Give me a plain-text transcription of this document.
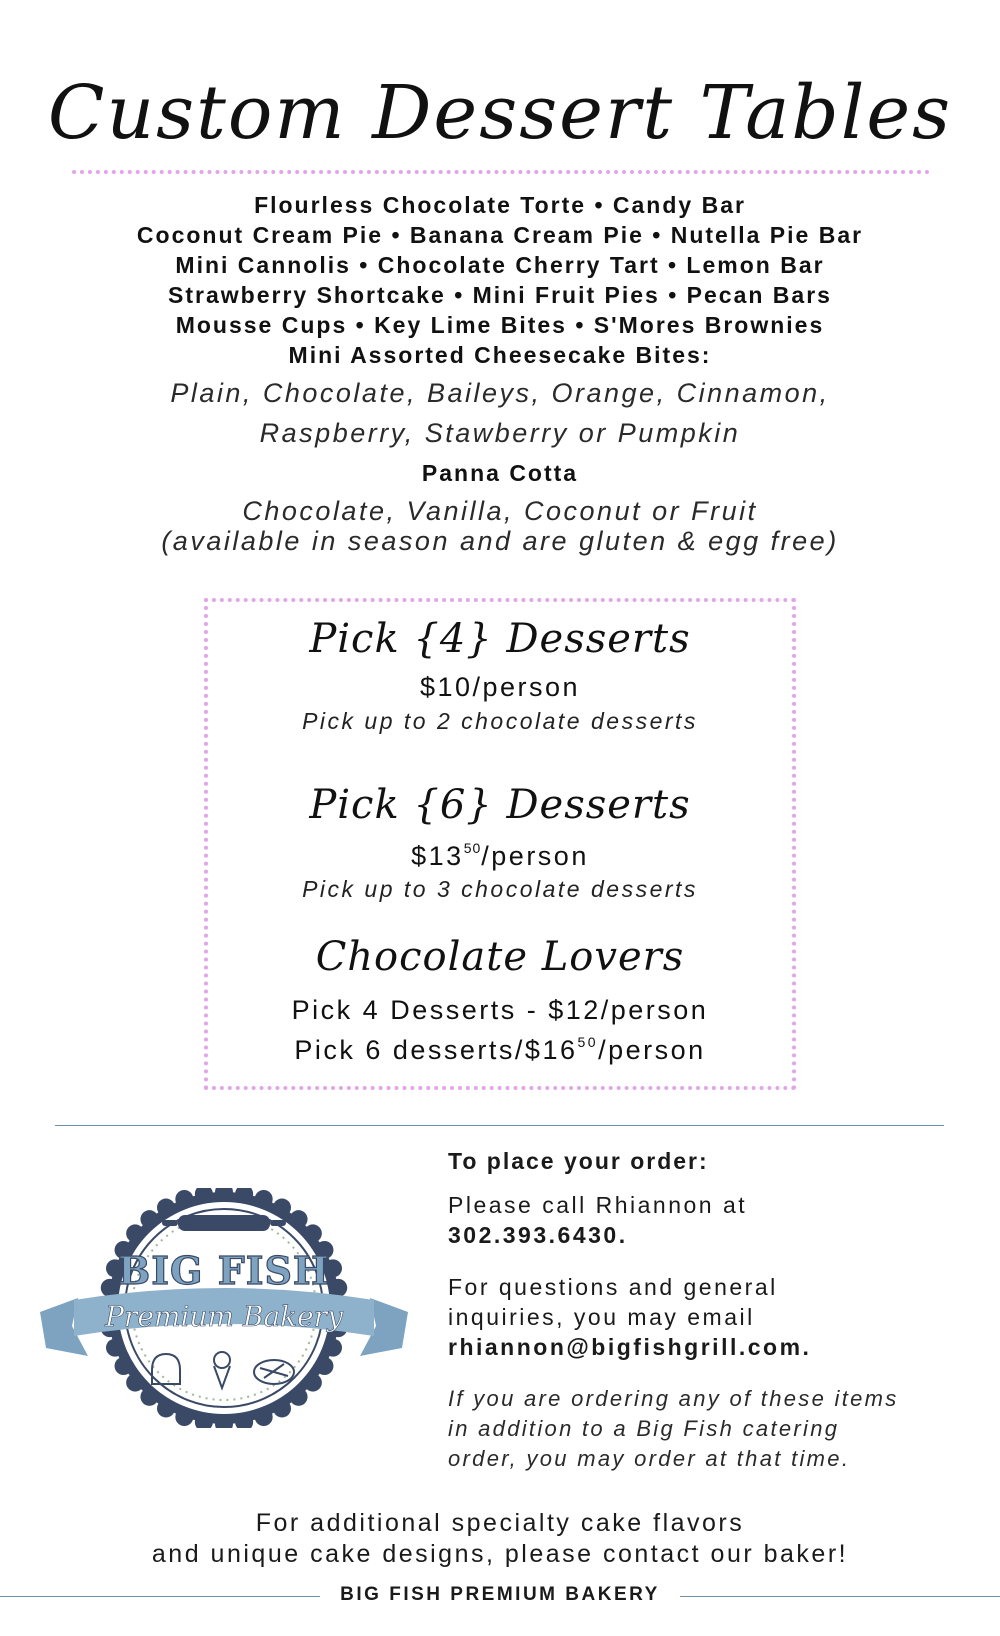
Custom Dessert Tables
Flourless Chocolate Torte • Candy Bar
Coconut Cream Pie • Banana Cream Pie • Nutella Pie Bar
Mini Cannolis • Chocolate Cherry Tart • Lemon Bar
Strawberry Shortcake • Mini Fruit Pies • Pecan Bars
Mousse Cups • Key Lime Bites • S'Mores Brownies
Mini Assorted Cheesecake Bites:
Plain, Chocolate, Baileys, Orange, Cinnamon,
Raspberry, Stawberry or Pumpkin
Panna Cotta
Chocolate, Vanilla, Coconut or Fruit
(available in season and are gluten & egg free)
Pick {4} Desserts
$10/person
Pick up to 2 chocolate desserts
Pick {6} Desserts
$\$13^{50}$/person
Pick up to 3 chocolate desserts
Chocolate Lovers
Pick 4 Desserts - $12/person
Pick 6 desserts/$\$16^{50}$/person
BIG FISH
Premium Bakery
To place your order:
Please call Rhiannon at
302.393.6430.
For questions and general
inquiries, you may email
rhiannon@bigfishgrill.com.
If you are ordering any of these items
in addition to a Big Fish catering
order, you may order at that time.
For additional specialty cake flavors
and unique cake designs, please contact our baker!
BIG FISH PREMIUM BAKERY
